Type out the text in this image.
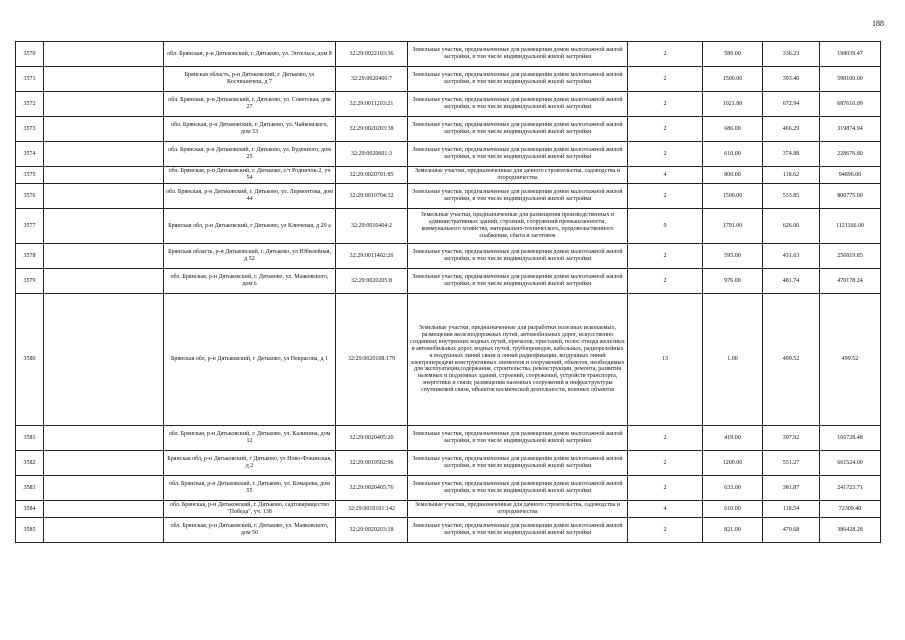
188
3570		обл. Брянская, р-н Дятьковский, г. Дятьково, ул. Энтельса, дом 8	32:29:0022103:36	Земельные участки, предназначенные для размещения домов малоэтажной жилой застройки, в том числе индивидуальной жилой застройки	2	589.00	336.23	198039.47
3571		Брянская область, р-н Дятьковский, г. Дятьково, ул Косчюшечеш, д 7	32:29:0020406:7	Земельные участки, предназначенные для размещения домов малоэтажной жилой застройки, в том числе индивидуальной жилой застройки	2	1500.00	393.40	590100.00
3572		обл. Брянская, р-н Дятьковский, г. Дятьково, ул. Советская, дом 27	32:29:0011203:21	Земельные участки, предназначенные для размещения домов малоэтажной жилой застройки, в том числе индивидуальной жилой застройки	2	1021.80	672.94	687610.09
3573		обл. Брянская, р-н Дятьковский, г. Дятьково, ул. Чайковского, дом 53	32:29:0020203:38	Земельные участки, предназначенные для размещения домов малоэтажной жилой застройки, в том числе индивидуальной жилой застройки	2	686.00	466.29	319874.94
3574		обл. Брянская, р-н Дятьковский, г. Дятьково, ул. Буденного, дом 25	32:29:0020601:3	Земельные участки, предназначенные для размещения домов малоэтажной жилой застройки, в том числе индивидуальной жилой застройки	2	610.00	374.88	228676.80
3575		обл. Брянская, р-н Дятьковский, г. Дятьково, с/т Родничок-2, уч 54	32:29:0020701:85	Земельные участки, предназначенные для дачного строительства, садоводства и огородничества	4	800.00	118.62	94896.00
3576		обл. Брянская, р-н Дятьковский, г. Дятьково, ул. Лермонтова, дом 44	32:29:0010704:32	Земельные участки, предназначенные для размещения домов малоэтажной жилой застройки, в том числе индивидуальной жилой застройки	2	1500.00	533.85	800775.00
3577		Брянская обл, р-н Дятьковский, г Дятьково, ул Ключевая, д 29 а	32:29:0010404:2	Земельные участки, предназначенные для размещения производственных и административных зданий, строений, сооружений промышленности, коммунального хозяйства, материально-технического, продовольственного снабжения, сбыта и заготовок	9	1791.00	626.00	1121166.00
3578		Брянская область, р-н Дятьковский, г. Дятьково, ул Юбилейная, д 52	32:29:0011402:26	Земельные участки, предназначенные для размещения домов малоэтажной жилой застройки, в том числе индивидуальной жилой застройки	2	595.00	431.63	256819.85
3579		обл. Брянская, р-н Дятьковский, г. Дятьково, ул. Маяковского, дом 6	32:29:0020205:8	Земельные участки, предназначенные для размещения домов малоэтажной жилой застройки, в том числе индивидуальной жилой застройки	2	976.00	481.74	470178.24
3580		Брянская обл, р-н Дятьковский, г Дятьково, ул Некрасова, д 1	32:29:0020108:179	Земельные участки, предназначенные для разработки полезных ископаемых, размещения железнодорожных путей, автомобильных дорог, искусственно созданных внутренних водных путей, причалов, пристаней, полос отвода железных и автомобильных дорог, водных путей, трубопроводов, кабельных, радиорелейных и воздушных линий связи и линий радиофикации, воздушных линий электропередачи конструктивных элементов и сооружений, объектов, необходимых для эксплуатации,содержания, строительства, реконструкции, ремонта, развития наземных и подземных зданий, строений, сооружений, устройств транспорта, энергетики и связи; размещения наземных сооружений и инфраструктуры спутниковой связи, объектов космической деятельности, военных объектов	13	1.00	499.52	499.52
3581		обл. Брянская, р-н Дятьковский, г. Дятьково, ул. Калинина, дом 12	32:29:0020405:20	Земельные участки, предназначенные для размещения домов малоэтажной жилой застройки, в том числе индивидуальной жилой застройки	2	419.00	397.92	166728.48
3582		Брянская обл, р-н Дятьковский, г Дятьково, ул Ново-Фокинская, д 2	32:29:0010502:96	Земельные участки, предназначенные для размещения домов малоэтажной жилой застройки, в том числе индивидуальной жилой застройки	2	1200.00	551.27	661524.00
3583		обл. Брянская, р-н Дятьковский, г. Дятьково, ул. Комарова, дом 55	32:29:0020405:76	Земельные участки, предназначенные для размещения домов малоэтажной жилой застройки, в том числе индивидуальной жилой застройки	2	633.00	381.87	241723.71
3584		обл. Брянская, р-н Дятьковский, г. Дятьково, садтоварищество "Победа", уч. 138	32:29:0010101:142	Земельные участки, предназначенные для дачного строительства, садоводства и огородничества	4	610.00	118.54	72309.40
3585		обл. Брянская, р-н Дятьковский, г. Дятьково, ул. Маяковского, дом 50	32:29:0020203:18	Земельные участки, предназначенные для размещения домов малоэтажной жилой застройки, в том числе индивидуальной жилой застройки	2	821.00	470.68	386428.28
